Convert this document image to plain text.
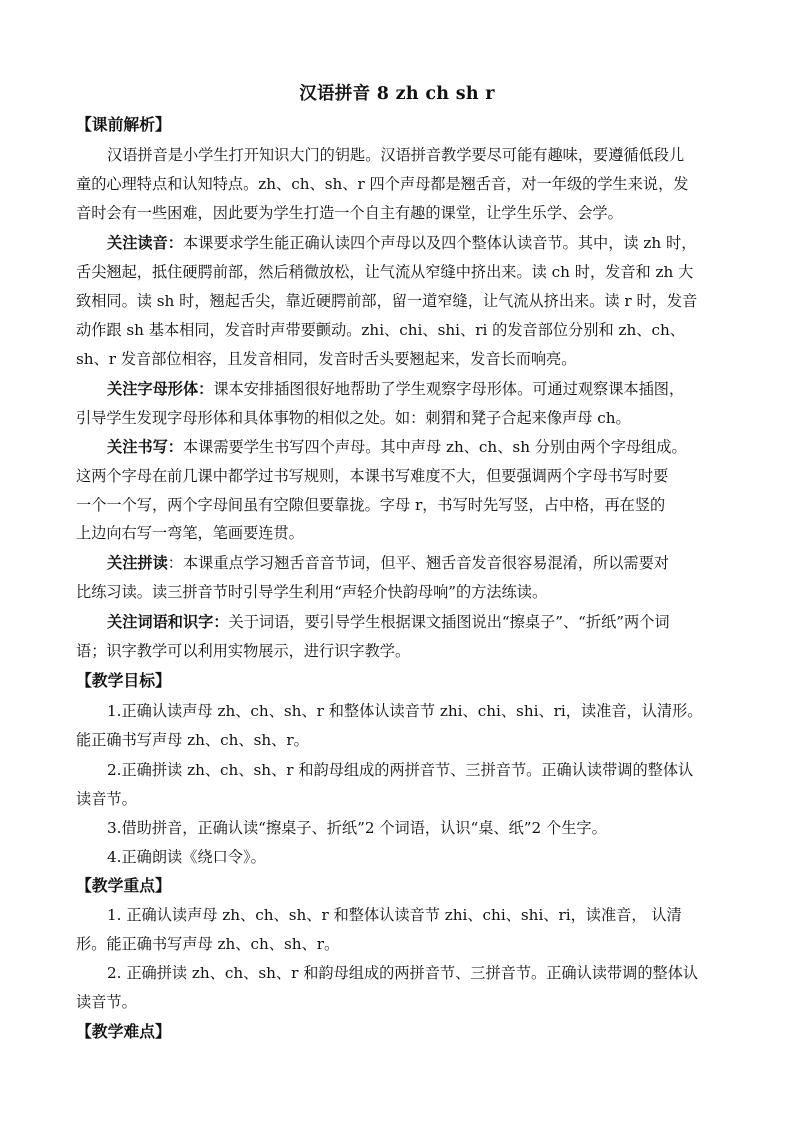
汉语拼音 8 zh ch sh r
【课前解析】
汉语拼音是小学生打开知识大门的钥匙。汉语拼音教学要尽可能有趣味，要遵循低段儿
童的心理特点和认知特点。zh、ch、sh、r 四个声母都是翘舌音，对一年级的学生来说，发
音时会有一些困难，因此要为学生打造一个自主有趣的课堂，让学生乐学、会学。
关注读音：本课要求学生能正确认读四个声母以及四个整体认读音节。其中，读 zh 时，
舌尖翘起，抵住硬腭前部，然后稍微放松，让气流从窄缝中挤出来。读 ch 时，发音和 zh 大
致相同。读 sh 时，翘起舌尖，靠近硬腭前部，留一道窄缝，让气流从挤出来。读 r 时，发音
动作跟 sh 基本相同，发音时声带要颤动。zhi、chi、shi、ri 的发音部位分别和 zh、ch、
sh、r 发音部位相容，且发音相同，发音时舌头要翘起来，发音长而响亮。
关注字母形体：课本安排插图很好地帮助了学生观察字母形体。可通过观察课本插图，
引导学生发现字母形体和具体事物的相似之处。如：刺猬和凳子合起来像声母 ch。
关注书写：本课需要学生书写四个声母。其中声母 zh、ch、sh 分别由两个字母组成。
这两个字母在前几课中都学过书写规则，本课书写难度不大，但要强调两个字母书写时要
一个一个写，两个字母间虽有空隙但要靠拢。字母 r，书写时先写竖，占中格，再在竖的
上边向右写一弯笔，笔画要连贯。
关注拼读：本课重点学习翘舌音音节词，但平、翘舌音发音很容易混淆，所以需要对
比练习读。读三拼音节时引导学生利用“声轻介快韵母响”的方法练读。
关注词语和识字：关于词语，要引导学生根据课文插图说出“擦桌子”、“折纸”两个词
语；识字教学可以利用实物展示，进行识字教学。
【教学目标】
1.正确认读声母 zh、ch、sh、r 和整体认读音节 zhi、chi、shi、ri，读准音，认清形。
能正确书写声母 zh、ch、sh、r。
2.正确拼读 zh、ch、sh、r 和韵母组成的两拼音节、三拼音节。正确认读带调的整体认
读音节。
3.借助拼音，正确认读“擦桌子、折纸”2 个词语，认识“桌、纸”2 个生字。
4.正确朗读《绕口令》。
【教学重点】
1. 正确认读声母 zh、ch、sh、r 和整体认读音节 zhi、chi、shi、ri，读准音， 认清
形。能正确书写声母 zh、ch、sh、r。
2. 正确拼读 zh、ch、sh、r 和韵母组成的两拼音节、三拼音节。正确认读带调的整体认
读音节。
【教学难点】
